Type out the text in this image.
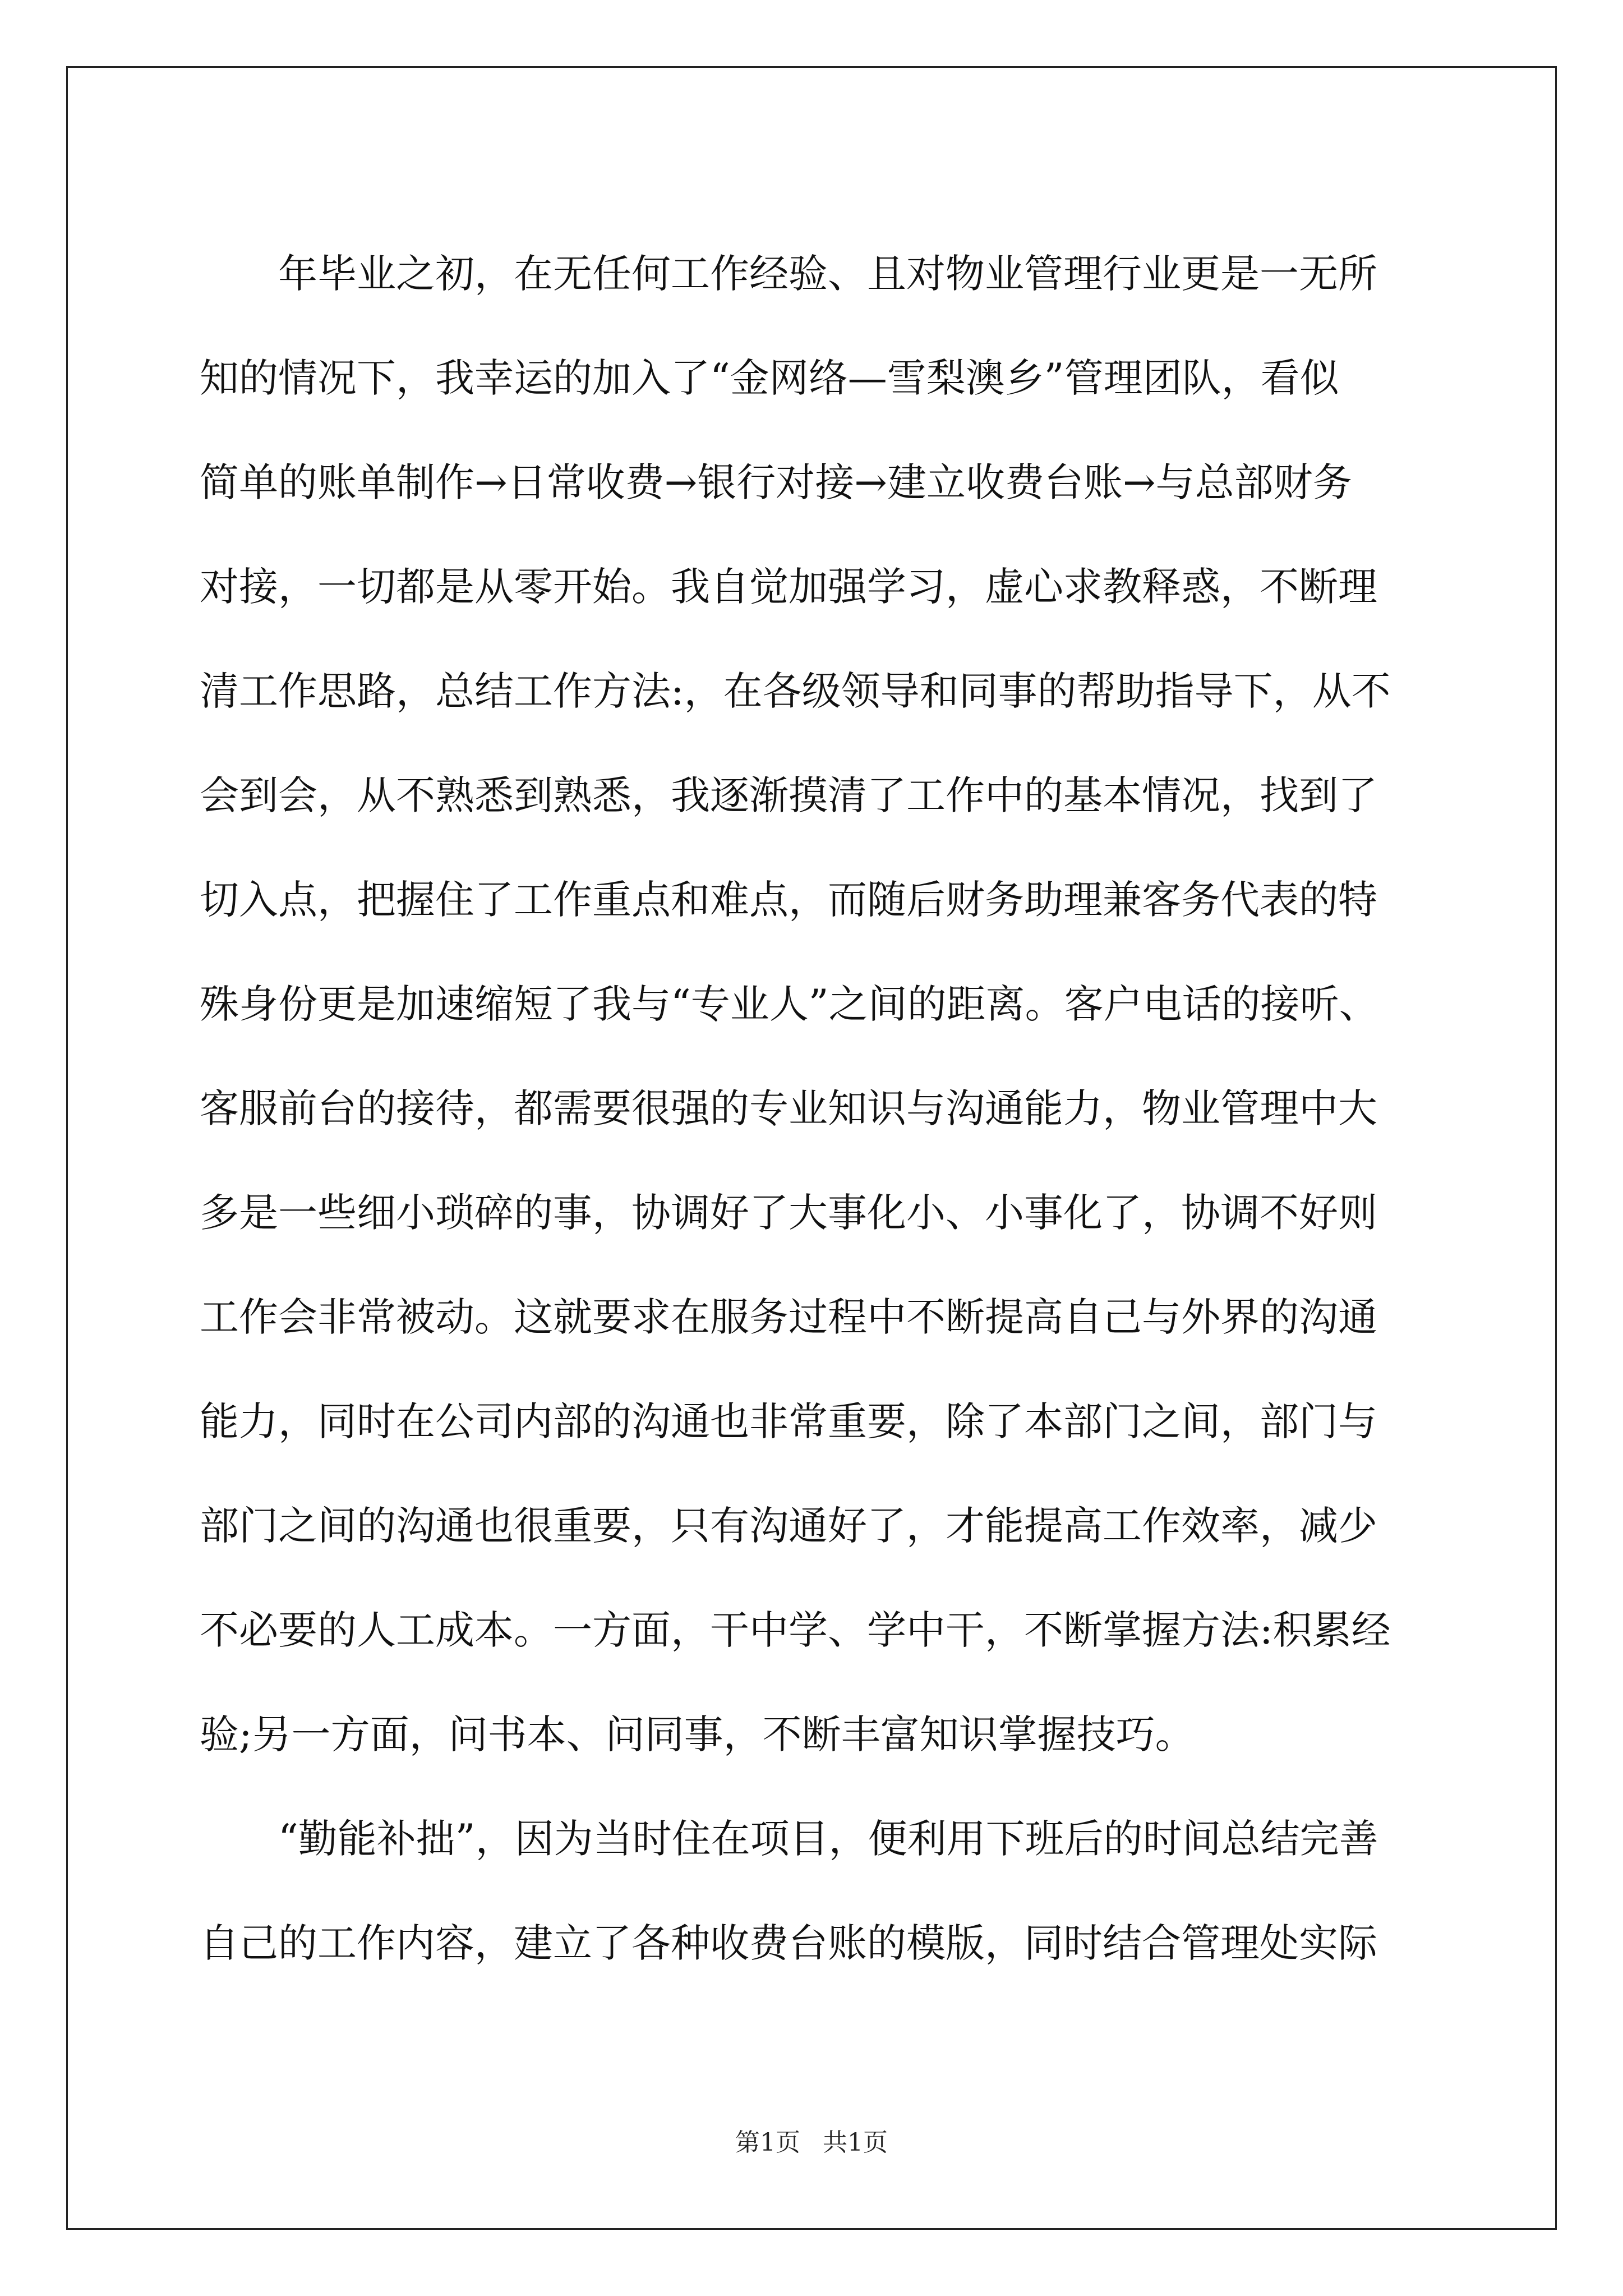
　　年毕业之初，在无任何工作经验、且对物业管理行业更是一无所
知的情况下，我幸运的加入了“金网络—雪梨澳乡”管理团队，看似
简单的账单制作→日常收费→银行对接→建立收费台账→与总部财务
对接，一切都是从零开始。我自觉加强学习，虚心求教释惑，不断理
清工作思路，总结工作方法:，在各级领导和同事的帮助指导下，从不
会到会，从不熟悉到熟悉，我逐渐摸清了工作中的基本情况，找到了
切入点，把握住了工作重点和难点，而随后财务助理兼客务代表的特
殊身份更是加速缩短了我与“专业人”之间的距离。客户电话的接听、
客服前台的接待，都需要很强的专业知识与沟通能力，物业管理中大
多是一些细小琐碎的事，协调好了大事化小、小事化了，协调不好则
工作会非常被动。这就要求在服务过程中不断提高自己与外界的沟通
能力，同时在公司内部的沟通也非常重要，除了本部门之间，部门与
部门之间的沟通也很重要，只有沟通好了，才能提高工作效率，减少
不必要的人工成本。一方面，干中学、学中干，不断掌握方法:积累经
验;另一方面，问书本、问同事，不断丰富知识掌握技巧。
　　“勤能补拙”，因为当时住在项目，便利用下班后的时间总结完善
自己的工作内容，建立了各种收费台账的模版，同时结合管理处实际
第1页 共1页
